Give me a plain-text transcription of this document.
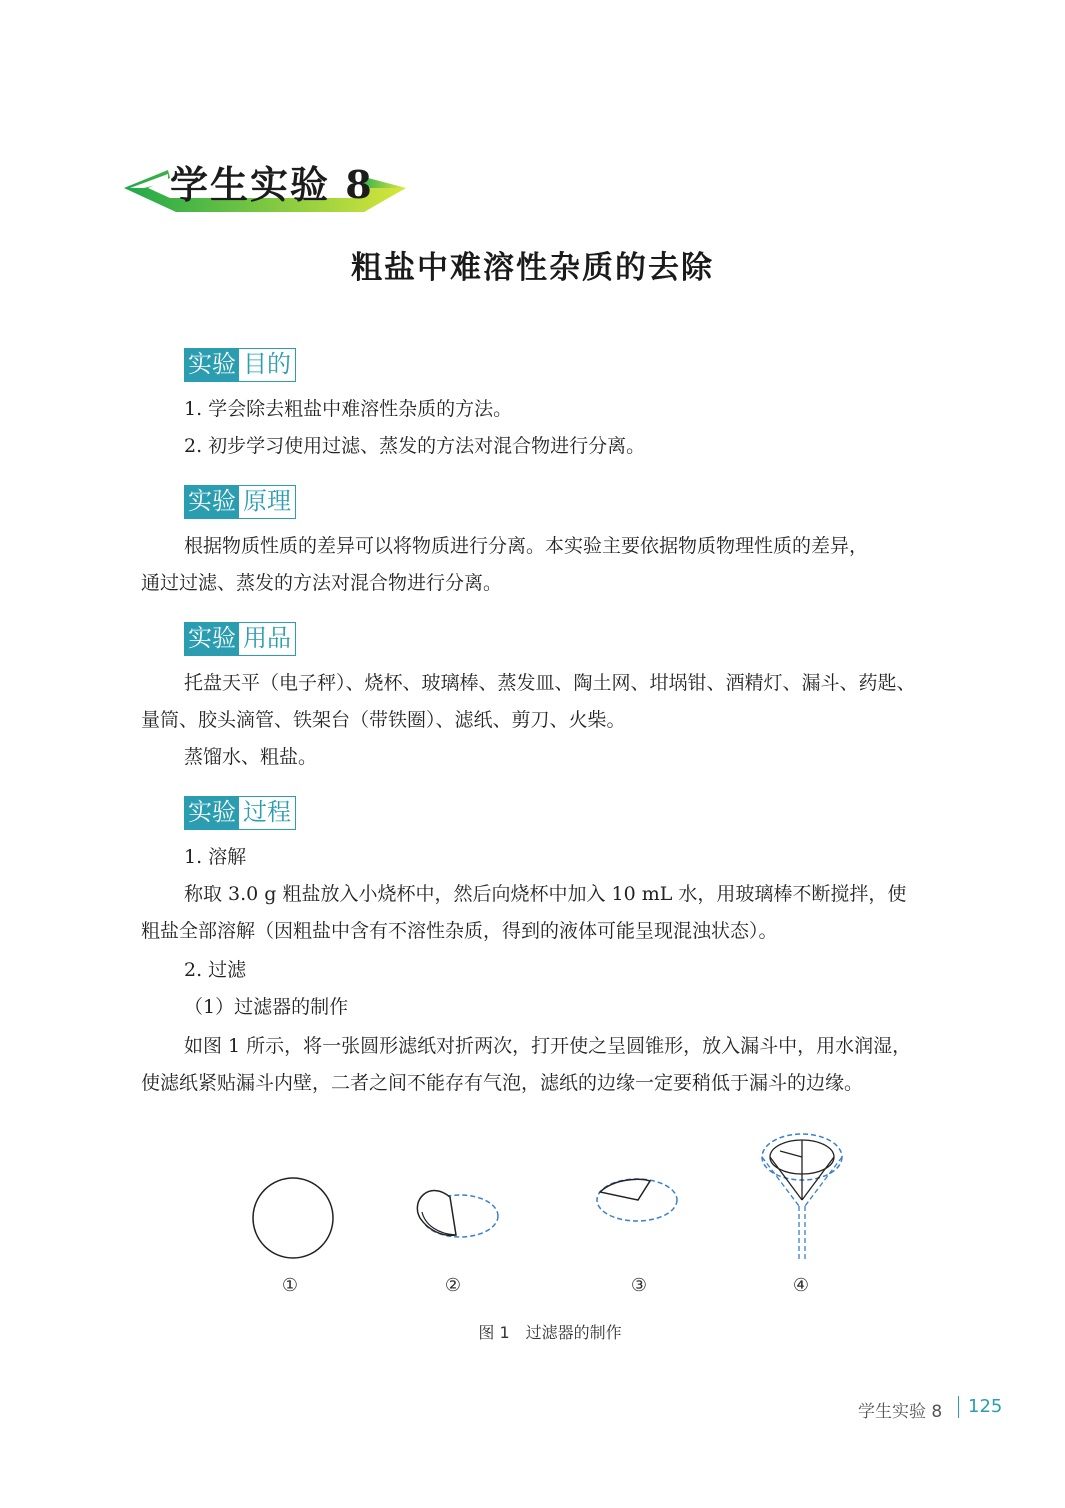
学生实验 8
粗盐中难溶性杂质的去除
实验 目的
1. 学会除去粗盐中难溶性杂质的方法。
2. 初步学习使用过滤、蒸发的方法对混合物进行分离。
实验 原理
根据物质性质的差异可以将物质进行分离。本实验主要依据物质物理性质的差异，
通过过滤、蒸发的方法对混合物进行分离。
实验 用品
托盘天平（电子秤）、烧杯、玻璃棒、蒸发皿、陶土网、坩埚钳、酒精灯、漏斗、药匙、
量筒、胶头滴管、铁架台（带铁圈）、滤纸、剪刀、火柴。
蒸馏水、粗盐。
实验 过程
1. 溶解
称取 3.0 g 粗盐放入小烧杯中，然后向烧杯中加入 10 mL 水，用玻璃棒不断搅拌，使
粗盐全部溶解（因粗盐中含有不溶性杂质，得到的液体可能呈现混浊状态）。
2. 过滤
（1）过滤器的制作
如图 1 所示，将一张圆形滤纸对折两次，打开使之呈圆锥形，放入漏斗中，用水润湿，
使滤纸紧贴漏斗内壁，二者之间不能存有气泡，滤纸的边缘一定要稍低于漏斗的边缘。
①	②	③	④
图 1　过滤器的制作
学生实验 8 125
